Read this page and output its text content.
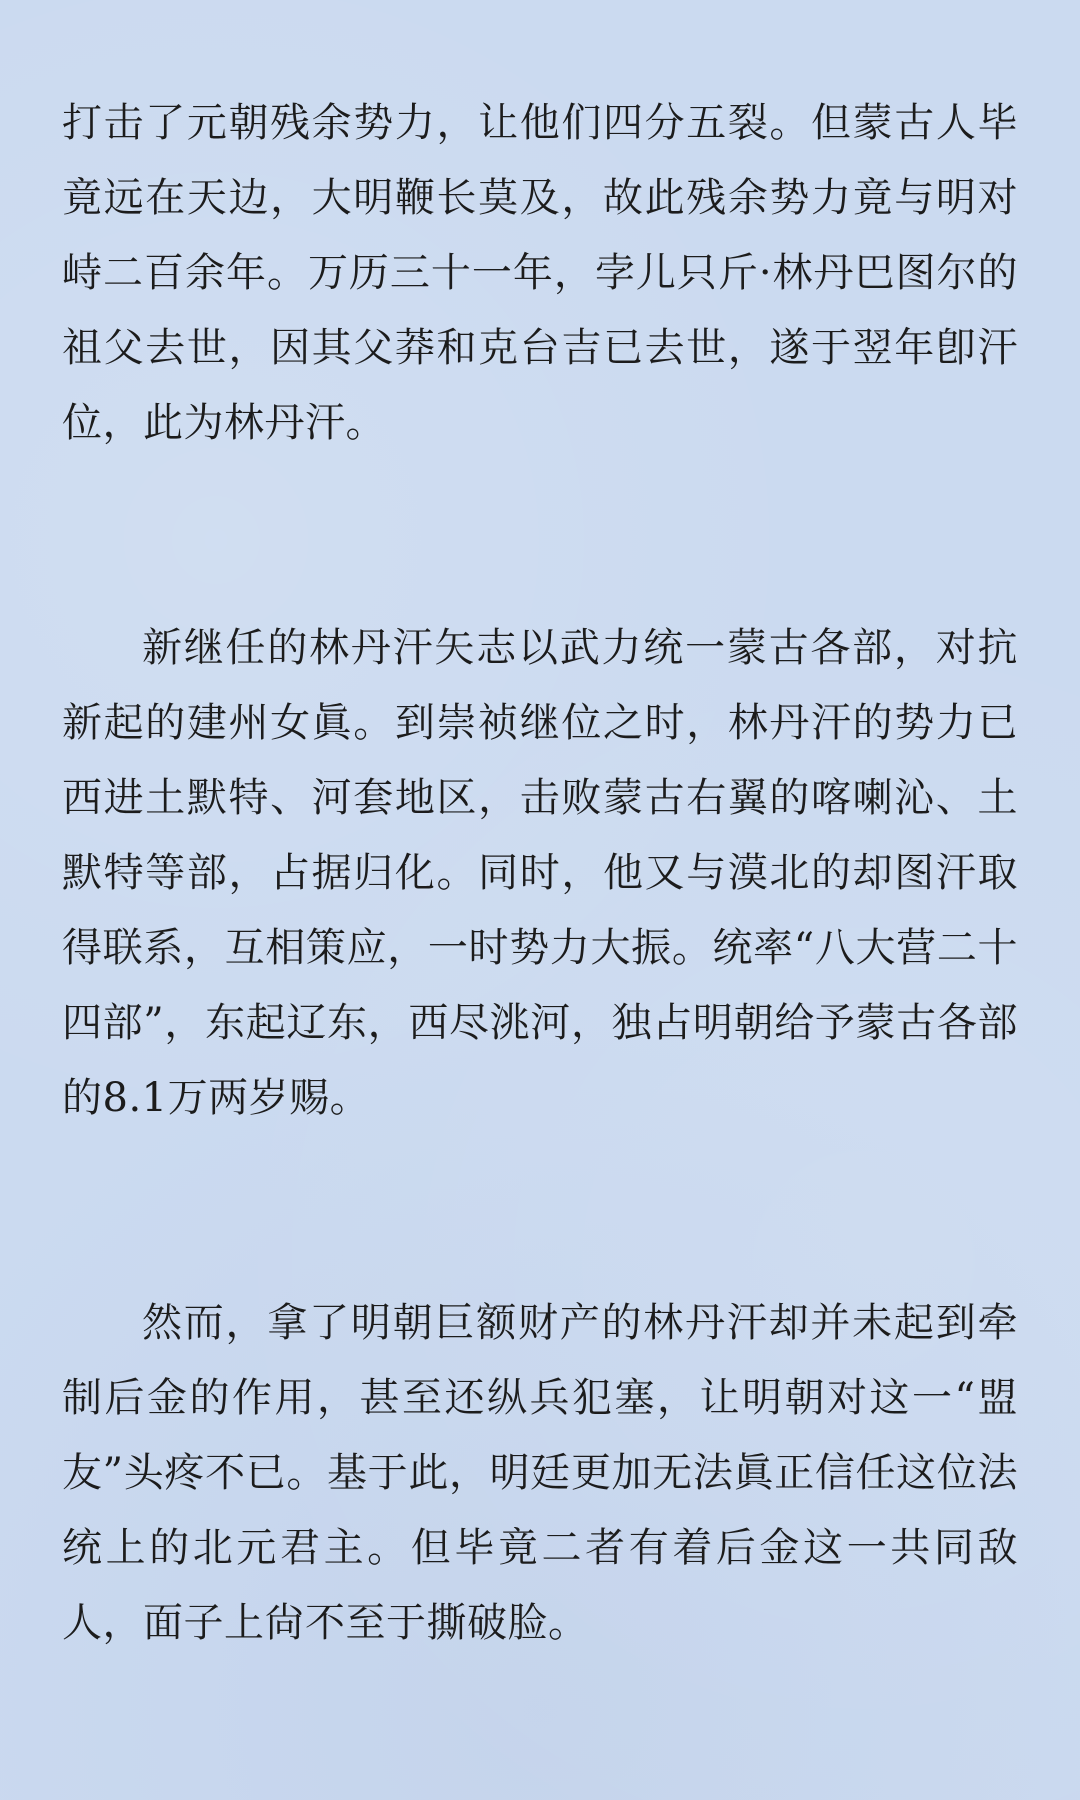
打击了元朝残余势力，让他们四分五裂。但蒙古人毕竟远在天边，大明鞭长莫及，故此残余势力竟与明对峙二百余年。万历三十一年，孛儿只斤·林丹巴图尔的祖父去世，因其父莽和克台吉已去世，遂于翌年卽汗位，此为林丹汗。

新继任的林丹汗矢志以武力统一蒙古各部，对抗新起的建州女眞。到崇祯继位之时，林丹汗的势力已西进土默特、河套地区，击败蒙古右翼的喀喇沁、土默特等部，占据归化。同时，他又与漠北的却图汗取得联系，互相策应，一时势力大振。统率“八大营二十四部”，东起辽东，西尽洮河，独占明朝给予蒙古各部的8.1万两岁赐。

然而，拿了明朝巨额财产的林丹汗却并未起到牵制后金的作用，甚至还纵兵犯塞，让明朝对这一“盟友”头疼不已。基于此，明廷更加无法眞正信任这位法统上的北元君主。但毕竟二者有着后金这一共同敌人，面子上尙不至于撕破脸。
